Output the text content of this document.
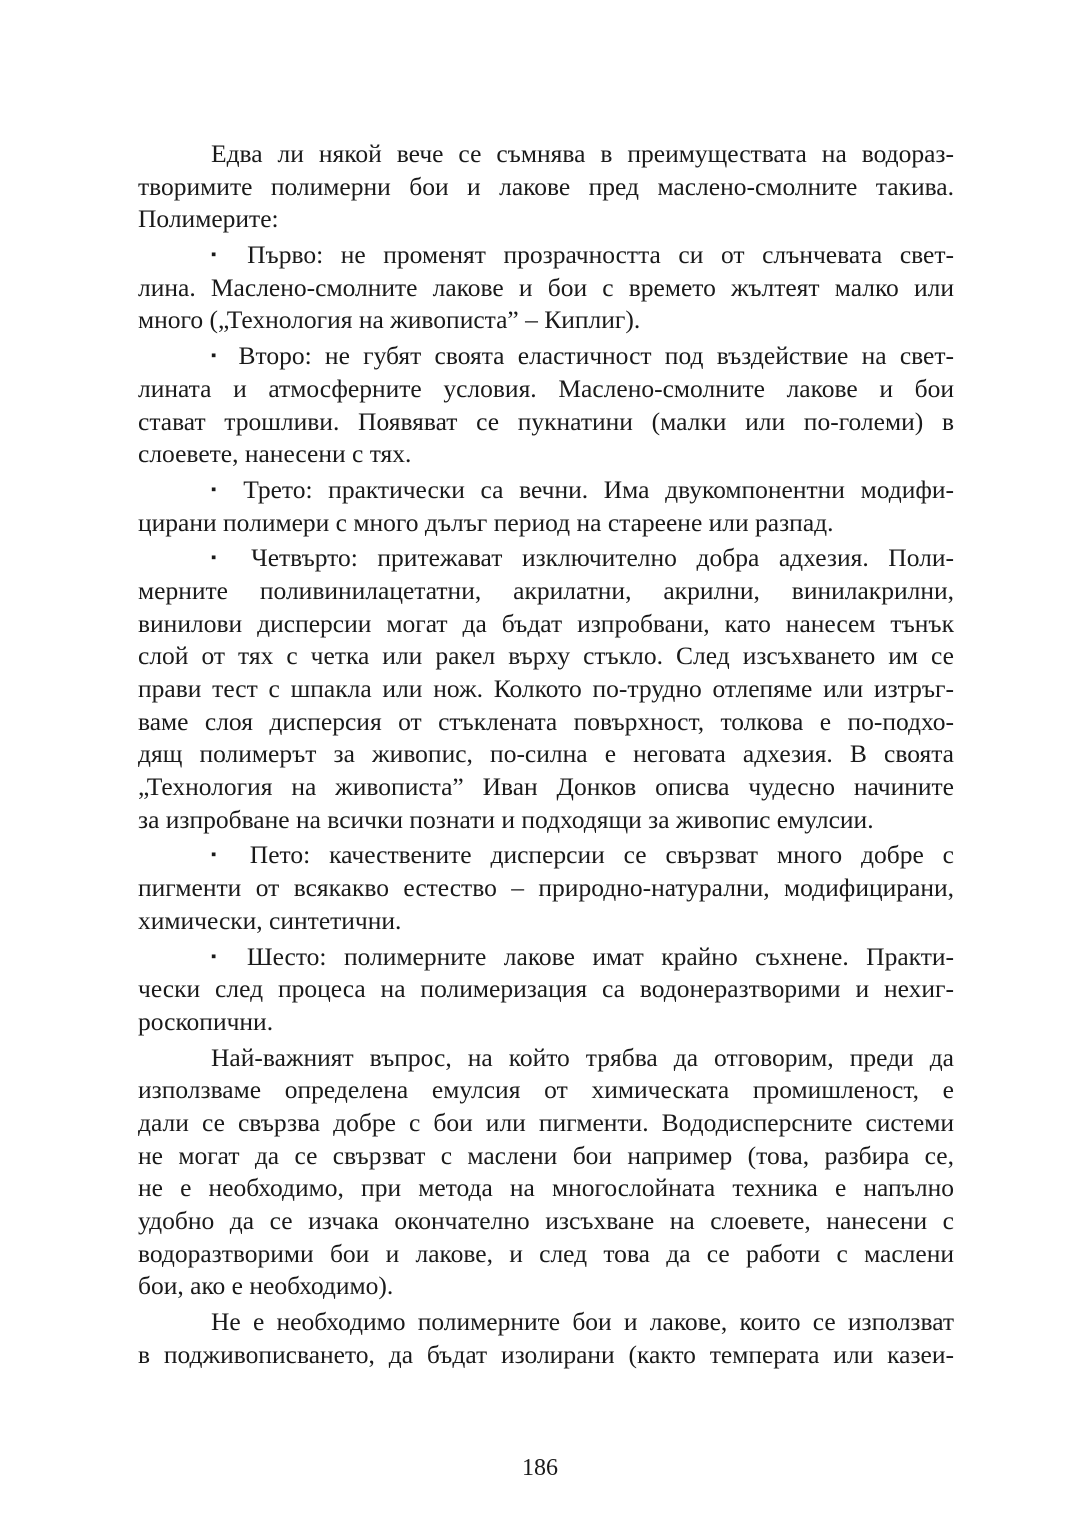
Едва ли някой вече се съмнява в преимуществата на водораз-
творимите полимерни бои и лакове пред маслено-смолните такива.
Полимерите:
▪ Първо: не променят прозрачността си от слънчевата свет-
лина. Маслено-смолните лакове и бои с времето жълтеят малко или
много („Технология на живописта” – Киплиг).
▪ Второ: не губят своята еластичност под въздействие на свет-
лината и атмосферните условия. Маслено-смолните лакове и бои
стават трошливи. Появяват се пукнатини (малки или по-големи) в
слоевете, нанесени с тях.
▪ Трето: практически са вечни. Има двукомпонентни модифи-
цирани полимери с много дълъг период на стареене или разпад.
▪ Четвърто: притежават изключително добра адхезия. Поли-
мерните поливинилацетатни, акрилатни, акрилни, винилакрилни,
винилови дисперсии могат да бъдат изпробвани, като нанесем тънък
слой от тях с четка или ракел върху стъкло. След изсъхването им се
прави тест с шпакла или нож. Колкото по-трудно отлепяме или изтръг-
ваме слоя дисперсия от стъклената повърхност, толкова е по-подхо-
дящ полимерът за живопис, по-силна е неговата адхезия. В своята
„Технология на живописта” Иван Донков описва чудесно начините
за изпробване на всички познати и подходящи за живопис емулсии.
▪ Пето: качествените дисперсии се свързват много добре с
пигменти от всякакво естество – природно-натурални, модифицирани,
химически, синтетични.
▪ Шесто: полимерните лакове имат крайно съхнене. Практи-
чески след процеса на полимеризация са водонеразтворими и нехиг-
роскопични.
Най-важният въпрос, на който трябва да отговорим, преди да
използваме определена емулсия от химическата промишленост, е
дали се свързва добре с бои или пигменти. Вододисперсните системи
не могат да се свързват с маслени бои например (това, разбира се,
не е необходимо, при метода на многослойната техника е напълно
удобно да се изчака окончателно изсъхване на слоевете, нанесени с
водоразтворими бои и лакове, и след това да се работи с маслени
бои, ако е необходимо).
Не е необходимо полимерните бои и лакове, които се използват
в подживописването, да бъдат изолирани (както температа или казеи-
186
